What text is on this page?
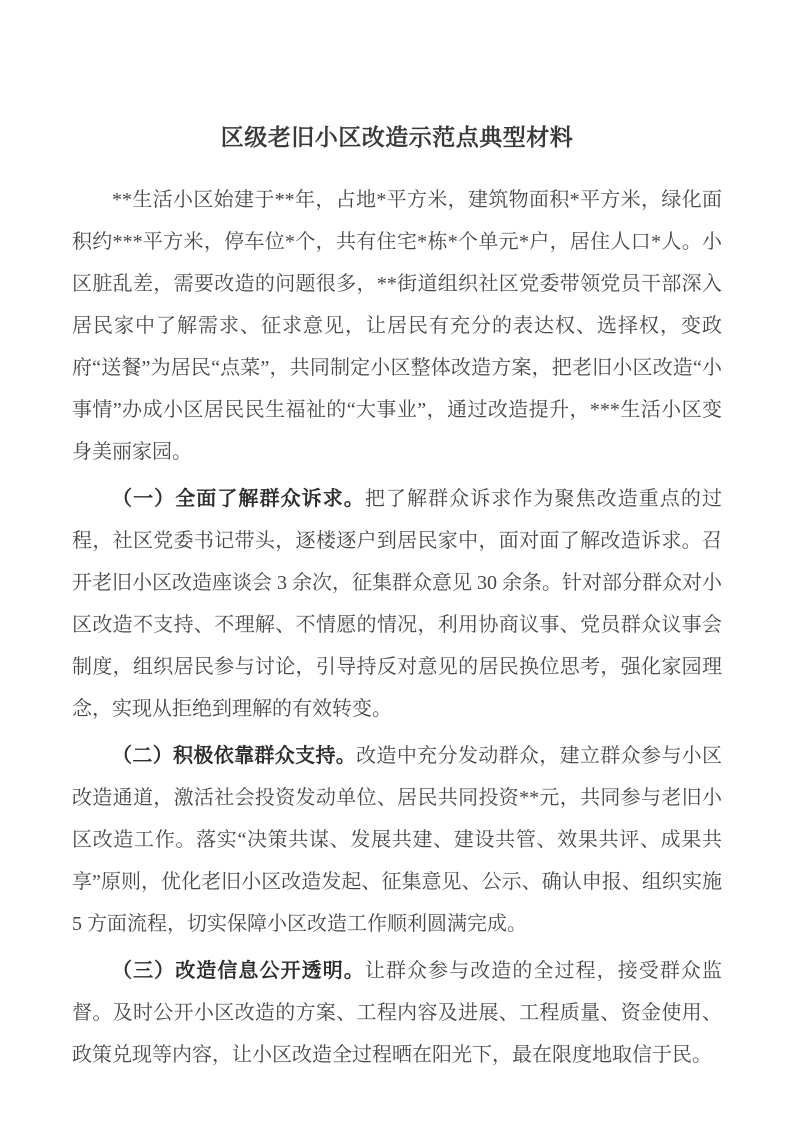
区级老旧小区改造示范点典型材料

**生活小区始建于**年，占地*平方米，建筑物面积*平方米，绿化面积约***平方米，停车位*个，共有住宅*栋*个单元*户，居住人口*人。小区脏乱差，需要改造的问题很多，**街道组织社区党委带领党员干部深入居民家中了解需求、征求意见，让居民有充分的表达权、选择权，变政府“送餐”为居民“点菜”，共同制定小区整体改造方案，把老旧小区改造“小事情”办成小区居民民生福祉的“大事业”，通过改造提升，***生活小区变身美丽家园。

（一）全面了解群众诉求。把了解群众诉求作为聚焦改造重点的过程，社区党委书记带头，逐楼逐户到居民家中，面对面了解改造诉求。召开老旧小区改造座谈会 3 余次，征集群众意见 30 余条。针对部分群众对小区改造不支持、不理解、不情愿的情况，利用协商议事、党员群众议事会制度，组织居民参与讨论，引导持反对意见的居民换位思考，强化家园理念，实现从拒绝到理解的有效转变。

（二）积极依靠群众支持。改造中充分发动群众，建立群众参与小区改造通道，激活社会投资发动单位、居民共同投资**元，共同参与老旧小区改造工作。落实“决策共谋、发展共建、建设共管、效果共评、成果共享”原则，优化老旧小区改造发起、征集意见、公示、确认申报、组织实施 5 方面流程，切实保障小区改造工作顺利圆满完成。

（三）改造信息公开透明。让群众参与改造的全过程，接受群众监督。及时公开小区改造的方案、工程内容及进展、工程质量、资金使用、政策兑现等内容，让小区改造全过程晒在阳光下，最在限度地取信于民。
